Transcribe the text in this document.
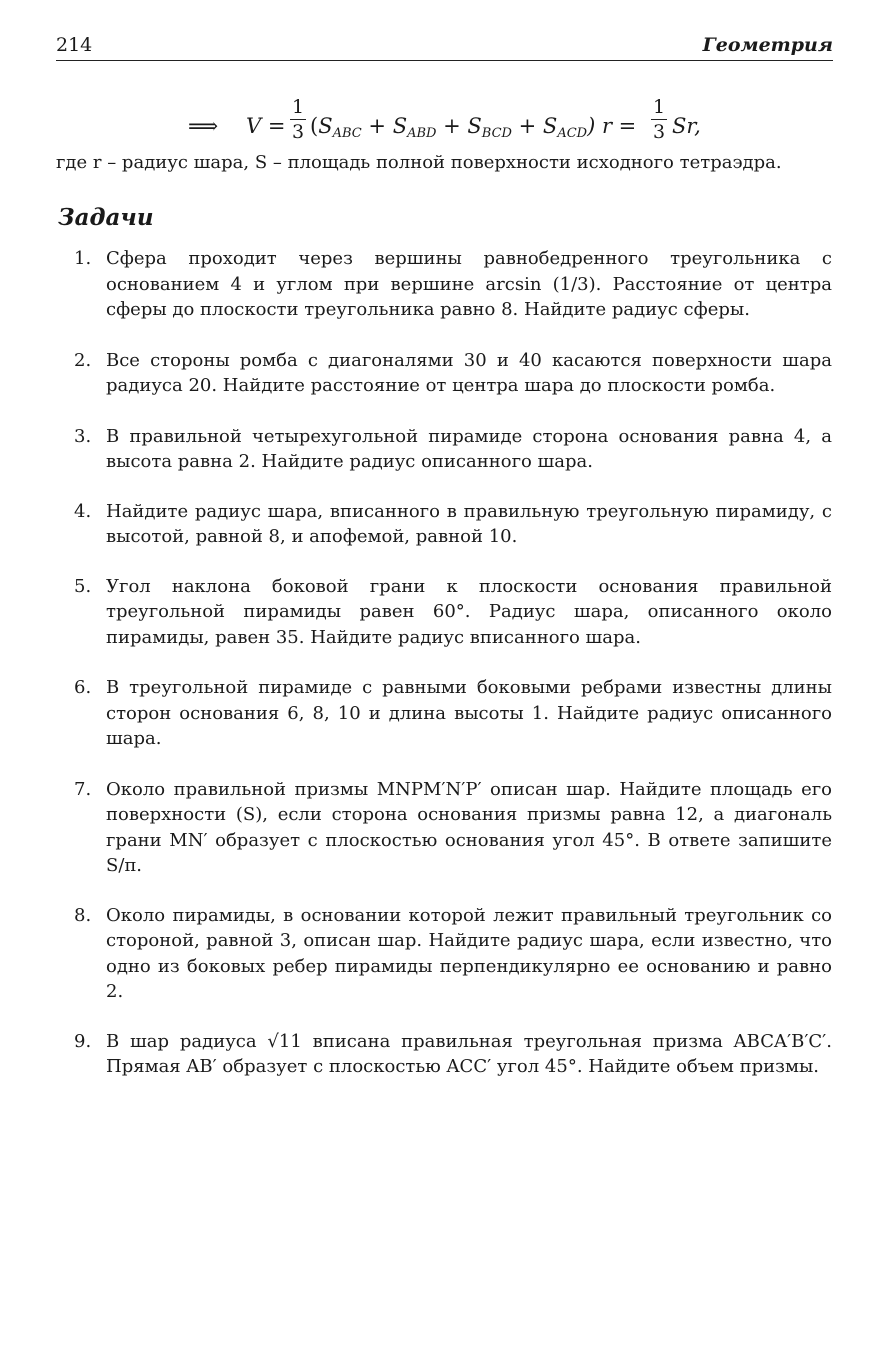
214	Геометрия
⟹ $V = \frac{1}{3} (S_{ABC} + S_{ABD} + S_{BCD} + S_{ACD}) r = \frac{1}{3} Sr$,
где r – радиус шара, S – площадь полной поверхности исходного тетраэдра.
Задачи
1. Сфера проходит через вершины равнобедренного треугольника с основанием 4 и углом при вершине arcsin (1/3). Расстояние от центра сферы до плоскости треугольника равно 8. Найдите радиус сферы.
2. Все стороны ромба с диагоналями 30 и 40 касаются поверхности шара радиуса 20. Найдите расстояние от центра шара до плоскости ромба.
3. В правильной четырехугольной пирамиде сторона основания равна 4, а высота равна 2. Найдите радиус описанного шара.
4. Найдите радиус шара, вписанного в правильную треугольную пирамиду, с высотой, равной 8, и апофемой, равной 10.
5. Угол наклона боковой грани к плоскости основания правильной треугольной пирамиды равен 60°. Радиус шара, описанного около пирамиды, равен 35. Найдите радиус вписанного шара.
6. В треугольной пирамиде с равными боковыми ребрами известны длины сторон основания 6, 8, 10 и длина высоты 1. Найдите радиус описанного шара.
7. Около правильной призмы MNPM′N′P′ описан шар. Найдите площадь его поверхности (S), если сторона основания призмы равна 12, а диагональ грани MN′ образует с плоскостью основания угол 45°. В ответе запишите S/π.
8. Около пирамиды, в основании которой лежит правильный треугольник со стороной, равной 3, описан шар. Найдите радиус шара, если известно, что одно из боковых ребер пирамиды перпендикулярно ее основанию и равно 2.
9. В шар радиуса √11 вписана правильная треугольная призма ABCA′B′C′. Прямая AB′ образует с плоскостью ACC′ угол 45°. Найдите объем призмы.
